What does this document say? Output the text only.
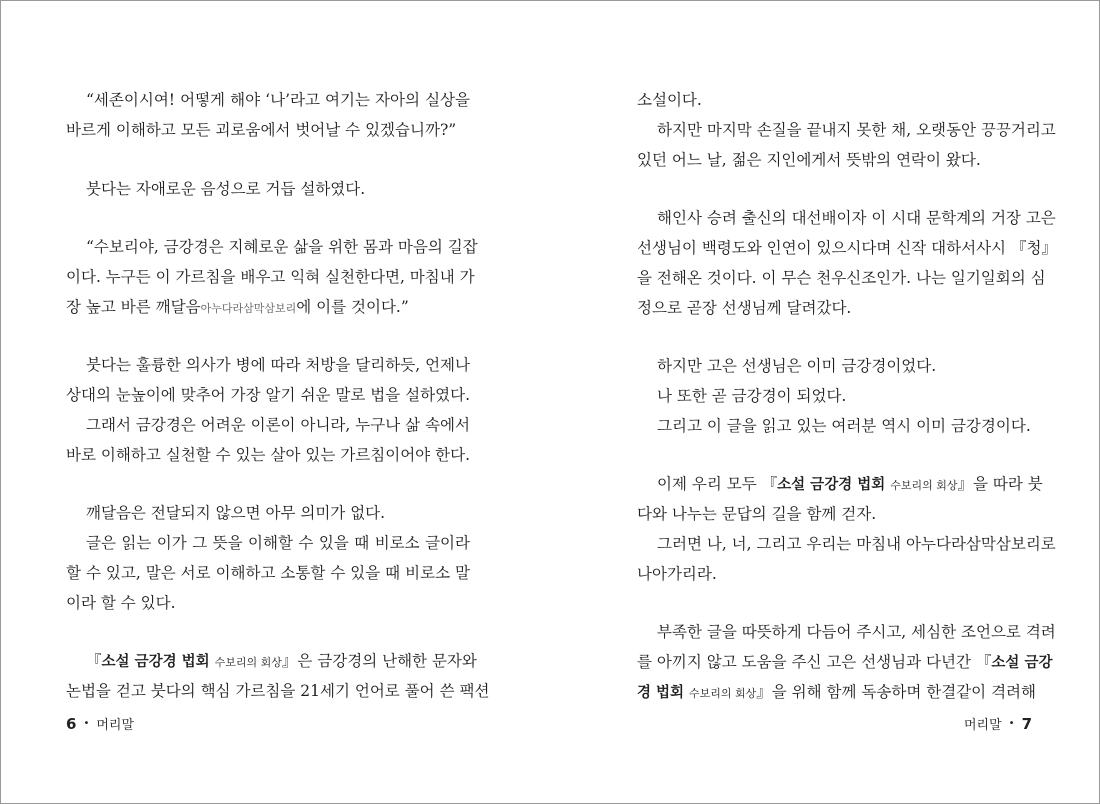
“세존이시여! 어떻게 해야 ‘나’라고 여기는 자아의 실상을
바르게 이해하고 모든 괴로움에서 벗어날 수 있겠습니까?”
붓다는 자애로운 음성으로 거듭 설하였다.
“수보리야, 금강경은 지혜로운 삶을 위한 몸과 마음의 길잡
이다. 누구든 이 가르침을 배우고 익혀 실천한다면, 마침내 가
장 높고 바른 깨달음아누다라삼막삼보리에 이를 것이다.”
붓다는 훌륭한 의사가 병에 따라 처방을 달리하듯, 언제나
상대의 눈높이에 맞추어 가장 알기 쉬운 말로 법을 설하였다.
그래서 금강경은 어려운 이론이 아니라, 누구나 삶 속에서
바로 이해하고 실천할 수 있는 살아 있는 가르침이어야 한다.
깨달음은 전달되지 않으면 아무 의미가 없다.
글은 읽는 이가 그 뜻을 이해할 수 있을 때 비로소 글이라
할 수 있고, 말은 서로 이해하고 소통할 수 있을 때 비로소 말
이라 할 수 있다.
『소설 금강경 법회 수보리의 회상』은 금강경의 난해한 문자와
논법을 걷고 붓다의 핵심 가르침을 21세기 언어로 풀어 쓴 팩션
소설이다.
하지만 마지막 손질을 끝내지 못한 채, 오랫동안 끙끙거리고
있던 어느 날, 젊은 지인에게서 뜻밖의 연락이 왔다.
해인사 승려 출신의 대선배이자 이 시대 문학계의 거장 고은
선생님이 백령도와 인연이 있으시다며 신작 대하서사시 『청』
을 전해온 것이다. 이 무슨 천우신조인가. 나는 일기일회의 심
정으로 곧장 선생님께 달려갔다.
하지만 고은 선생님은 이미 금강경이었다.
나 또한 곧 금강경이 되었다.
그리고 이 글을 읽고 있는 여러분 역시 이미 금강경이다.
이제 우리 모두 『소설 금강경 법회 수보리의 회상』을 따라 붓
다와 나누는 문답의 길을 함께 걷자.
그러면 나, 너, 그리고 우리는 마침내 아누다라삼막삼보리로
나아가리라.
부족한 글을 따뜻하게 다듬어 주시고, 세심한 조언으로 격려
를 아끼지 않고 도움을 주신 고은 선생님과 다년간 『소설 금강
경 법회 수보리의 회상』을 위해 함께 독송하며 한결같이 격려해
6 • 머리말	머리말 • 7
